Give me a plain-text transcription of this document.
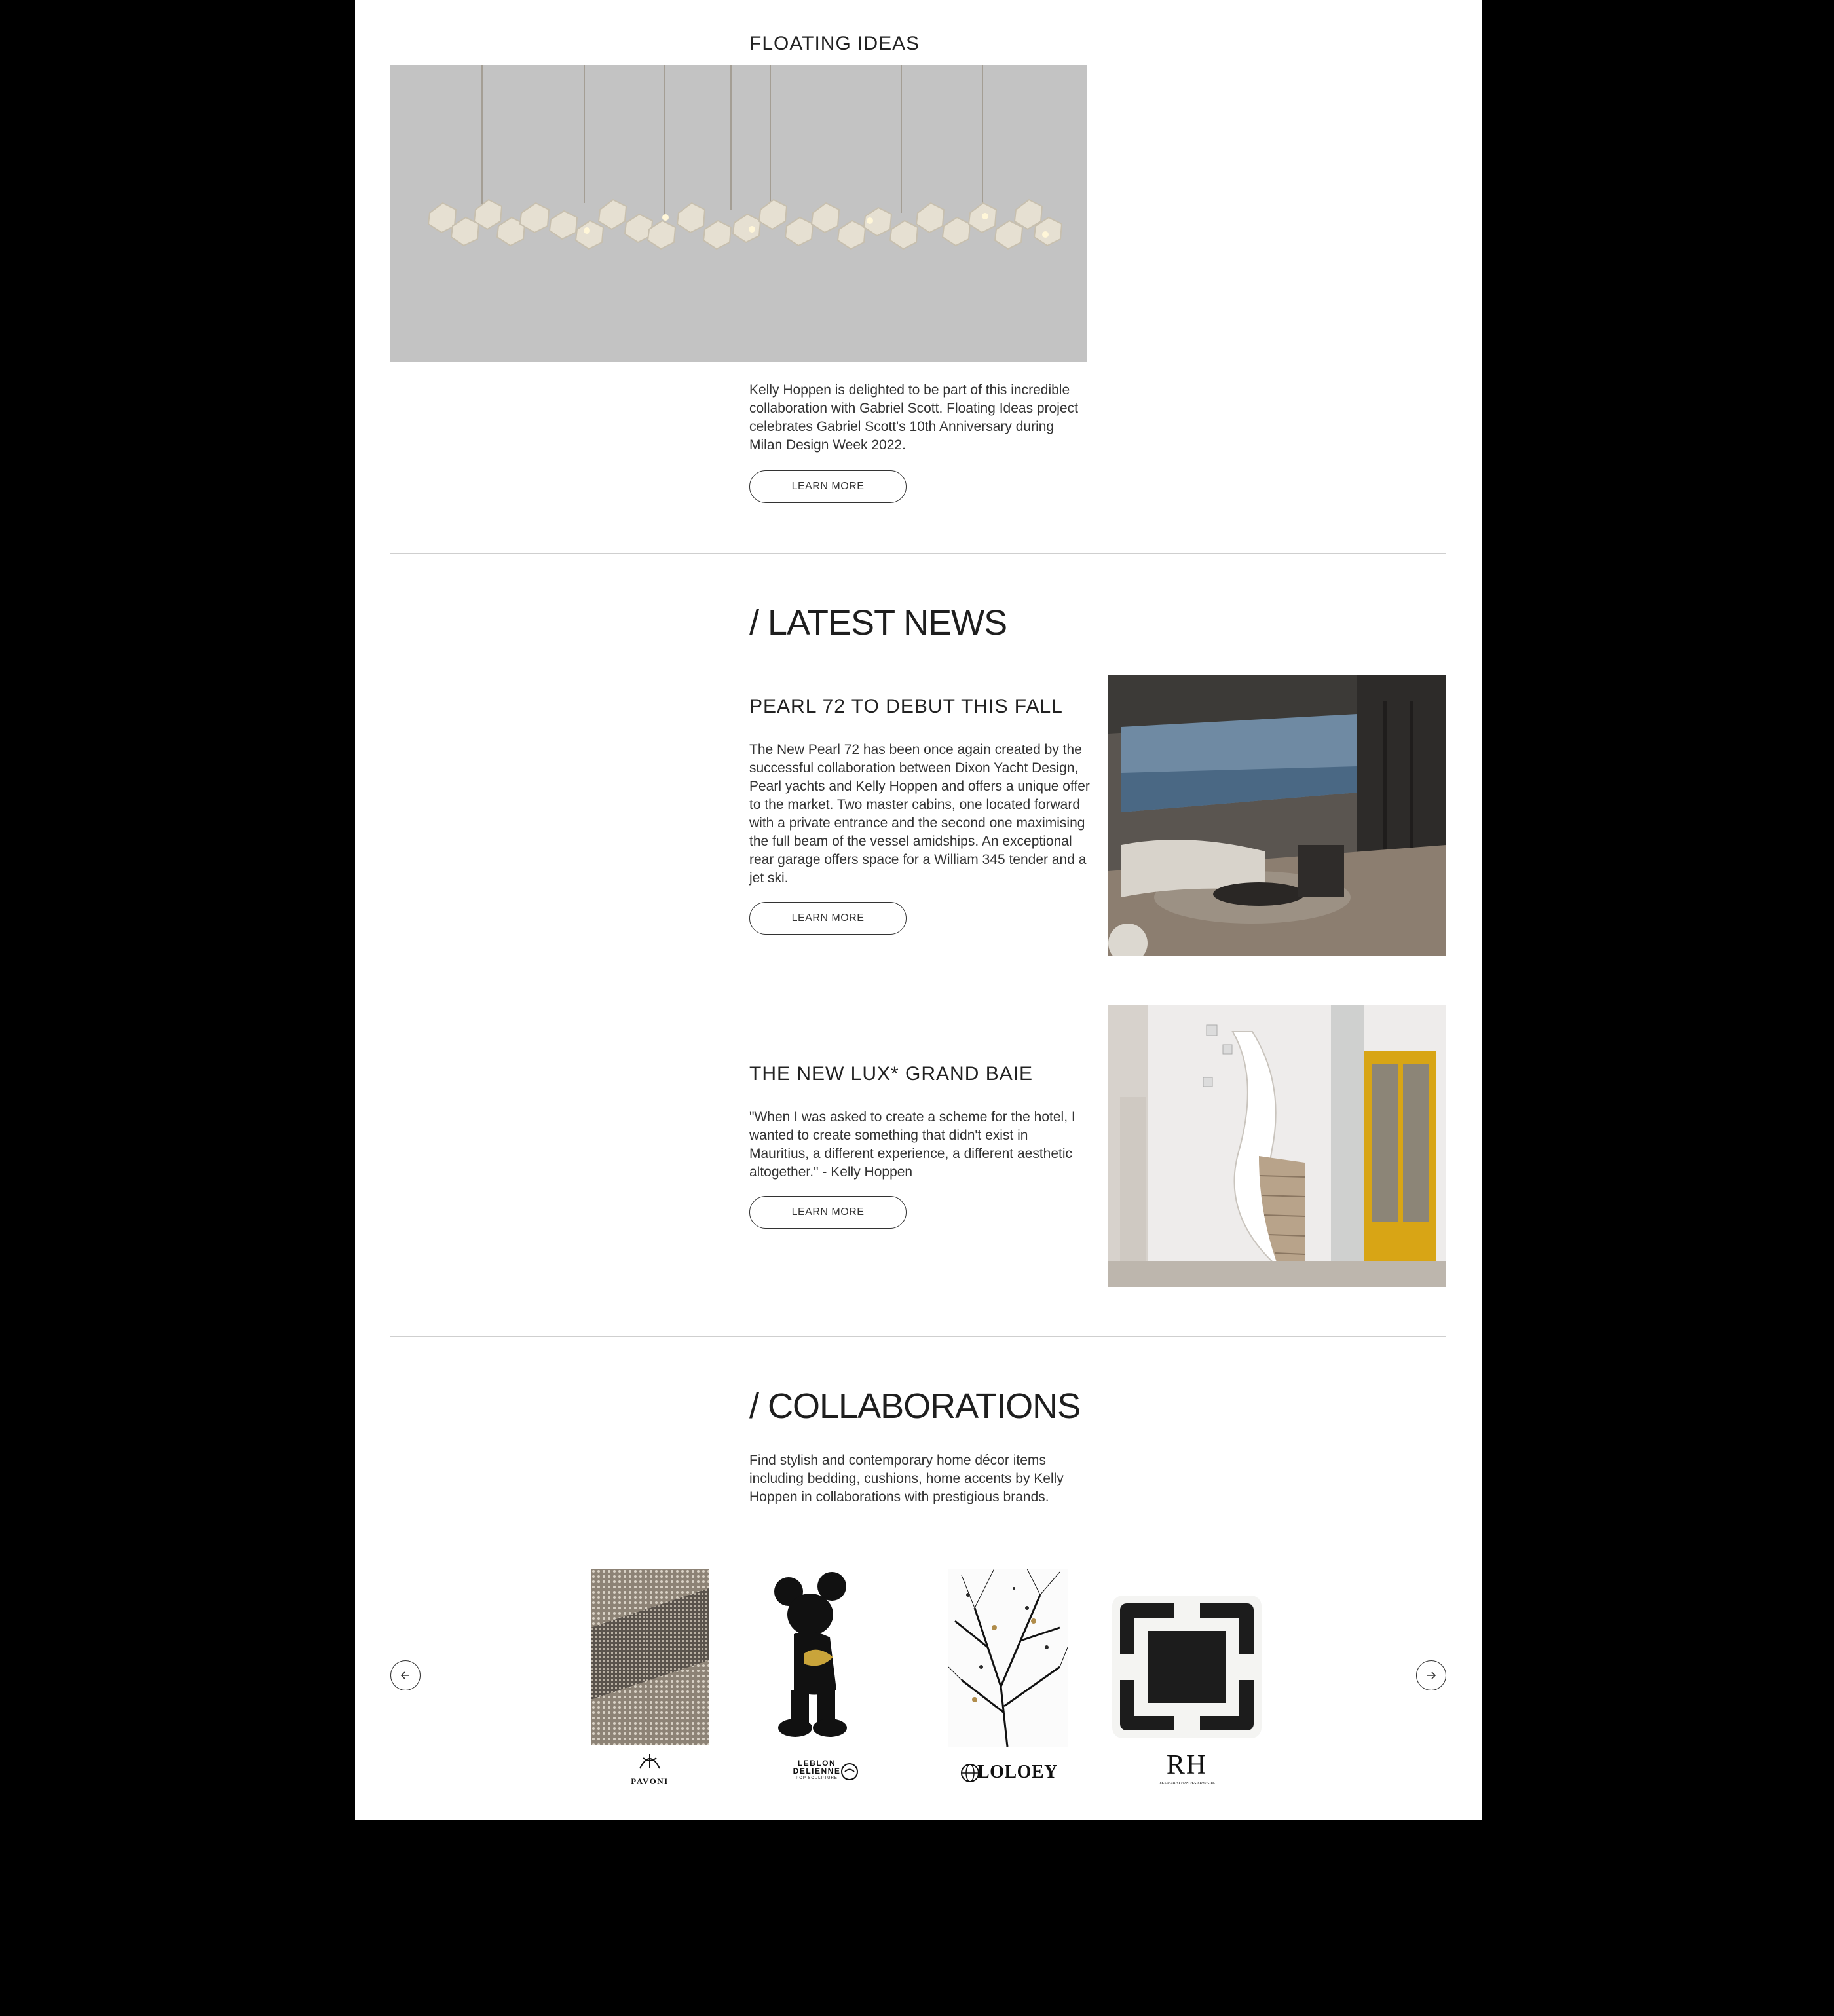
FLOATING IDEAS
Kelly Hoppen is delighted to be part of this incredible collaboration with Gabriel Scott. Floating Ideas project celebrates Gabriel Scott's 10th Anniversary during Milan Design Week 2022.
LEARN MORE
/ LATEST NEWS
PEARL 72 TO DEBUT THIS FALL
The New Pearl 72 has been once again created by the successful collaboration between Dixon Yacht Design, Pearl yachts and Kelly Hoppen and offers a unique offer to the market. Two master cabins, one located forward with a private entrance and the second one maximising the full beam of the vessel amidships. An exceptional rear garage offers space for a William 345 tender and a jet ski.
LEARN MORE
THE NEW LUX* GRAND BAIE
"When I was asked to create a scheme for the hotel, I wanted to create something that didn't exist in Mauritius, a different experience, a different aesthetic altogether." - Kelly Hoppen
LEARN MORE
/ COLLABORATIONS
Find stylish and contemporary home décor items including bedding, cushions, home accents by Kelly Hoppen in collaborations with prestigious brands.
PAVONI
LEBLON DELIENNE
POP SCULPTURE	LOLOEY	RH
RESTORATION HARDWARE
